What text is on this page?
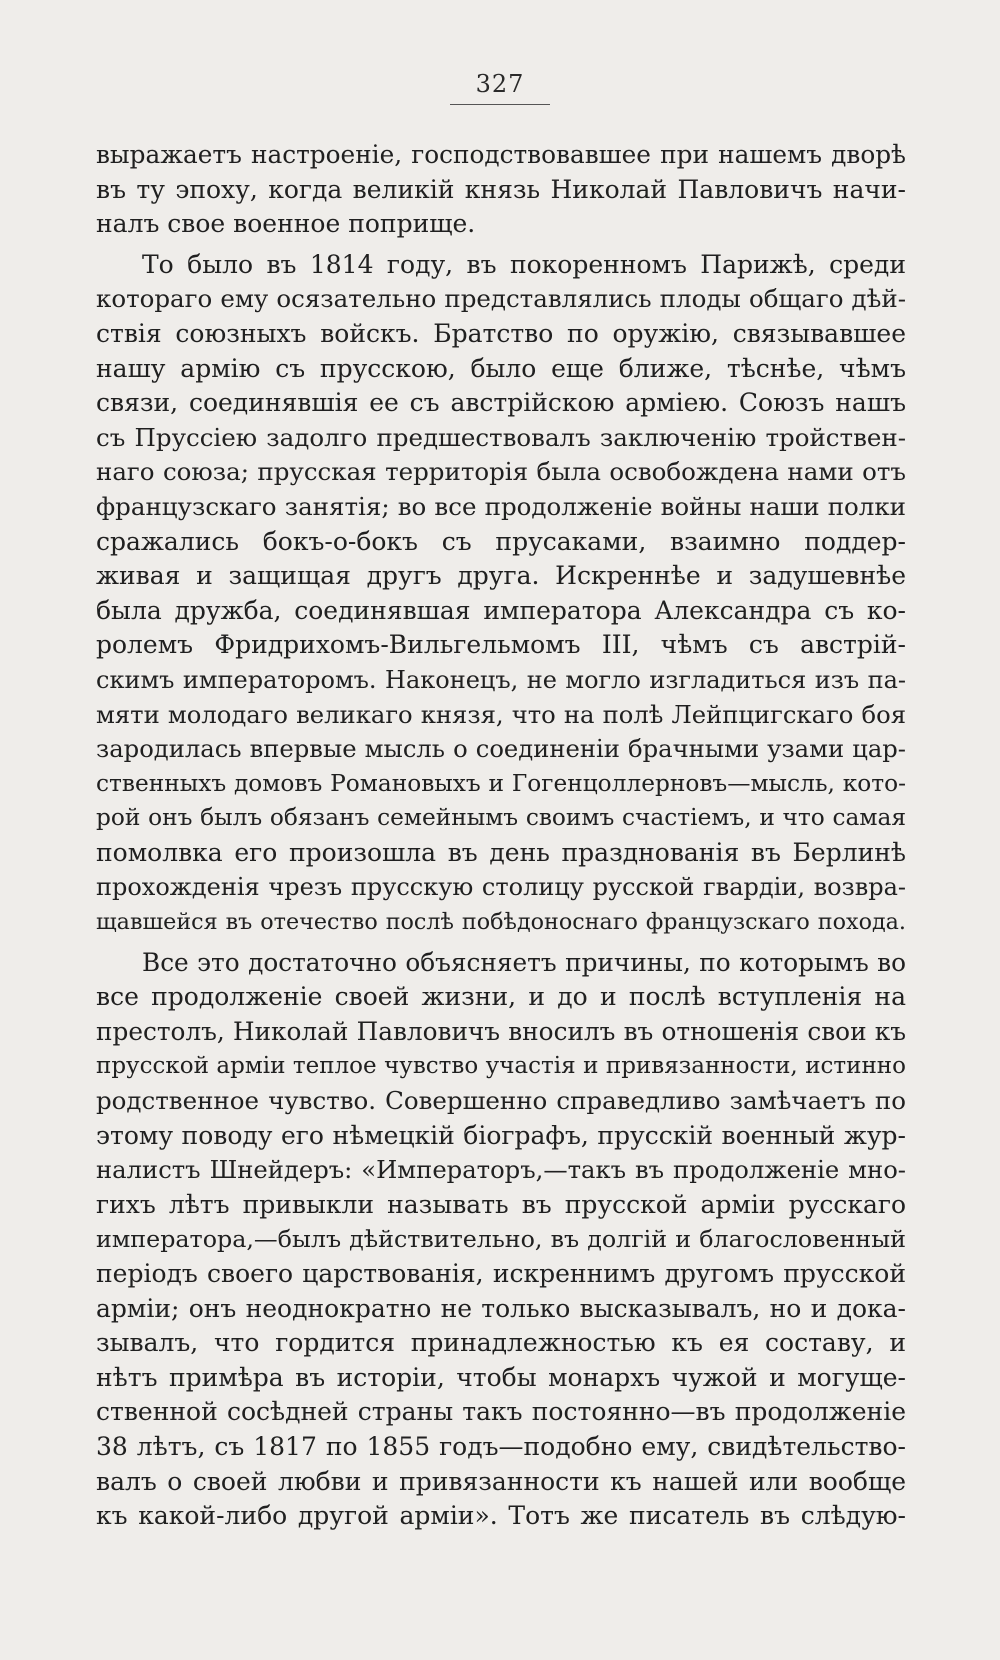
327
выражаетъ настроеніе, господствовавшее при нашемъ дворѣ
въ ту эпоху, когда великій князь Николай Павловичъ начи-
налъ свое военное поприще.
То было въ 1814 году, въ покоренномъ Парижѣ, среди
котораго ему осязательно представлялись плоды общаго дѣй-
ствія союзныхъ войскъ. Братство по оружію, связывавшее
нашу армію съ прусскою, было еще ближе, тѣснѣе, чѣмъ
связи, соединявшія ее съ австрійскою арміею. Союзъ нашъ
съ Пруссіею задолго предшествовалъ заключенію тройствен-
наго союза; прусская территорія была освобождена нами отъ
французскаго занятія; во все продолженіе войны наши полки
сражались бокъ-о-бокъ съ прусаками, взаимно поддер-
живая и защищая другъ друга. Искреннѣе и задушевнѣе
была дружба, соединявшая императора Александра съ ко-
ролемъ Фридрихомъ-Вильгельмомъ III, чѣмъ съ австрій-
скимъ императоромъ. Наконецъ, не могло изгладиться изъ па-
мяти молодаго великаго князя, что на полѣ Лейпцигскаго боя
зародилась впервые мысль о соединеніи брачными узами цар-
ственныхъ домовъ Романовыхъ и Гогенцоллерновъ—мысль, кото-
рой онъ былъ обязанъ семейнымъ своимъ счастіемъ, и что самая
помолвка его произошла въ день празднованія въ Берлинѣ
прохожденія чрезъ прусскую столицу русской гвардіи, возвра-
щавшейся въ отечество послѣ побѣдоноснаго французскаго похода.
Все это достаточно объясняетъ причины, по которымъ во
все продолженіе своей жизни, и до и послѣ вступленія на
престолъ, Николай Павловичъ вносилъ въ отношенія свои къ
прусской арміи теплое чувство участія и привязанности, истинно
родственное чувство. Совершенно справедливо замѣчаетъ по
этому поводу его нѣмецкій біографъ, прусскій военный жур-
налистъ Шнейдеръ: «Императоръ,—такъ въ продолженіе мно-
гихъ лѣтъ привыкли называть въ прусской арміи русскаго
императора,—былъ дѣйствительно, въ долгій и благословенный
періодъ своего царствованія, искреннимъ другомъ прусской
арміи; онъ неоднократно не только высказывалъ, но и дока-
зывалъ, что гордится принадлежностью къ ея составу, и
нѣтъ примѣра въ исторіи, чтобы монархъ чужой и могуще-
ственной сосѣдней страны такъ постоянно—въ продолженіе
38 лѣтъ, съ 1817 по 1855 годъ—подобно ему, свидѣтельство-
валъ о своей любви и привязанности къ нашей или вообще
къ какой-либо другой арміи». Тотъ же писатель въ слѣдую-
